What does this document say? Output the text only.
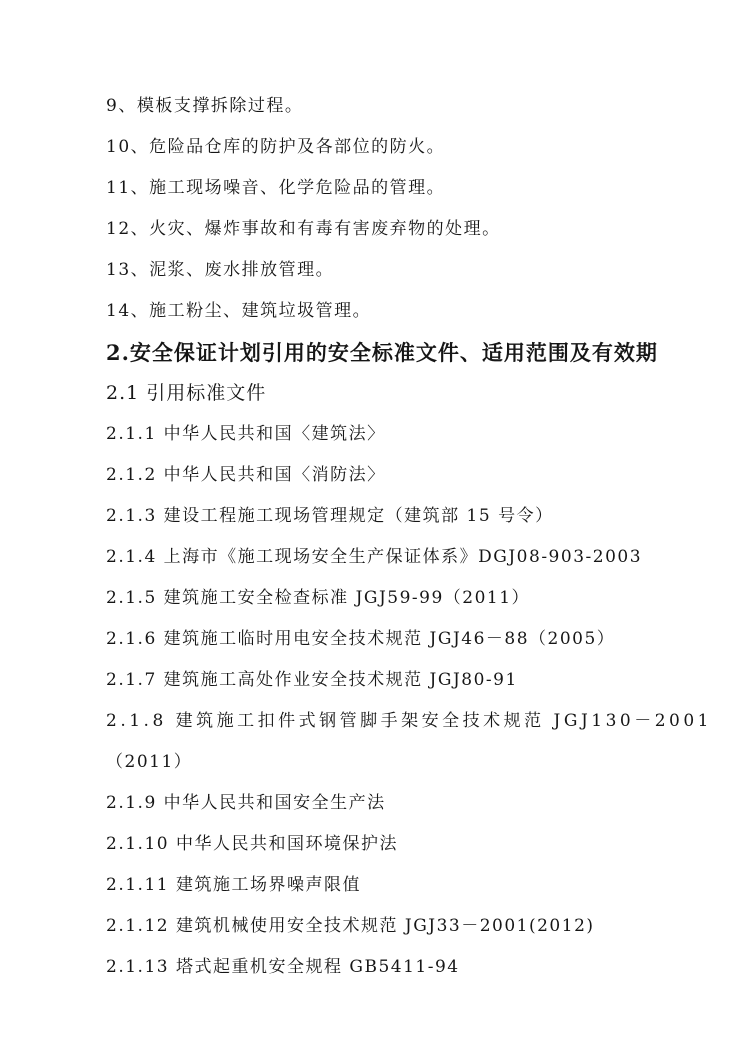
9、模板支撑拆除过程。

10、危险品仓库的防护及各部位的防火。

11、施工现场噪音、化学危险品的管理。

12、火灾、爆炸事故和有毒有害废弃物的处理。

13、泥浆、废水排放管理。

14、施工粉尘、建筑垃圾管理。

2.安全保证计划引用的安全标准文件、适用范围及有效期
2.1 引用标准文件

2.1.1 中华人民共和国〈建筑法〉

2.1.2 中华人民共和国〈消防法〉

2.1.3 建设工程施工现场管理规定（建筑部 15 号令）

2.1.4 上海市《施工现场安全生产保证体系》DGJ08-903-2003

2.1.5 建筑施工安全检查标准 JGJ59-99（2011）

2.1.6 建筑施工临时用电安全技术规范 JGJ46－88（2005）

2.1.7 建筑施工高处作业安全技术规范 JGJ80-91

2.1.8 建筑施工扣件式钢管脚手架安全技术规范 JGJ130－2001

（2011）

2.1.9 中华人民共和国安全生产法

2.1.10 中华人民共和国环境保护法

2.1.11 建筑施工场界噪声限值

2.1.12 建筑机械使用安全技术规范 JGJ33－2001(2012)

2.1.13 塔式起重机安全规程 GB5411-94
